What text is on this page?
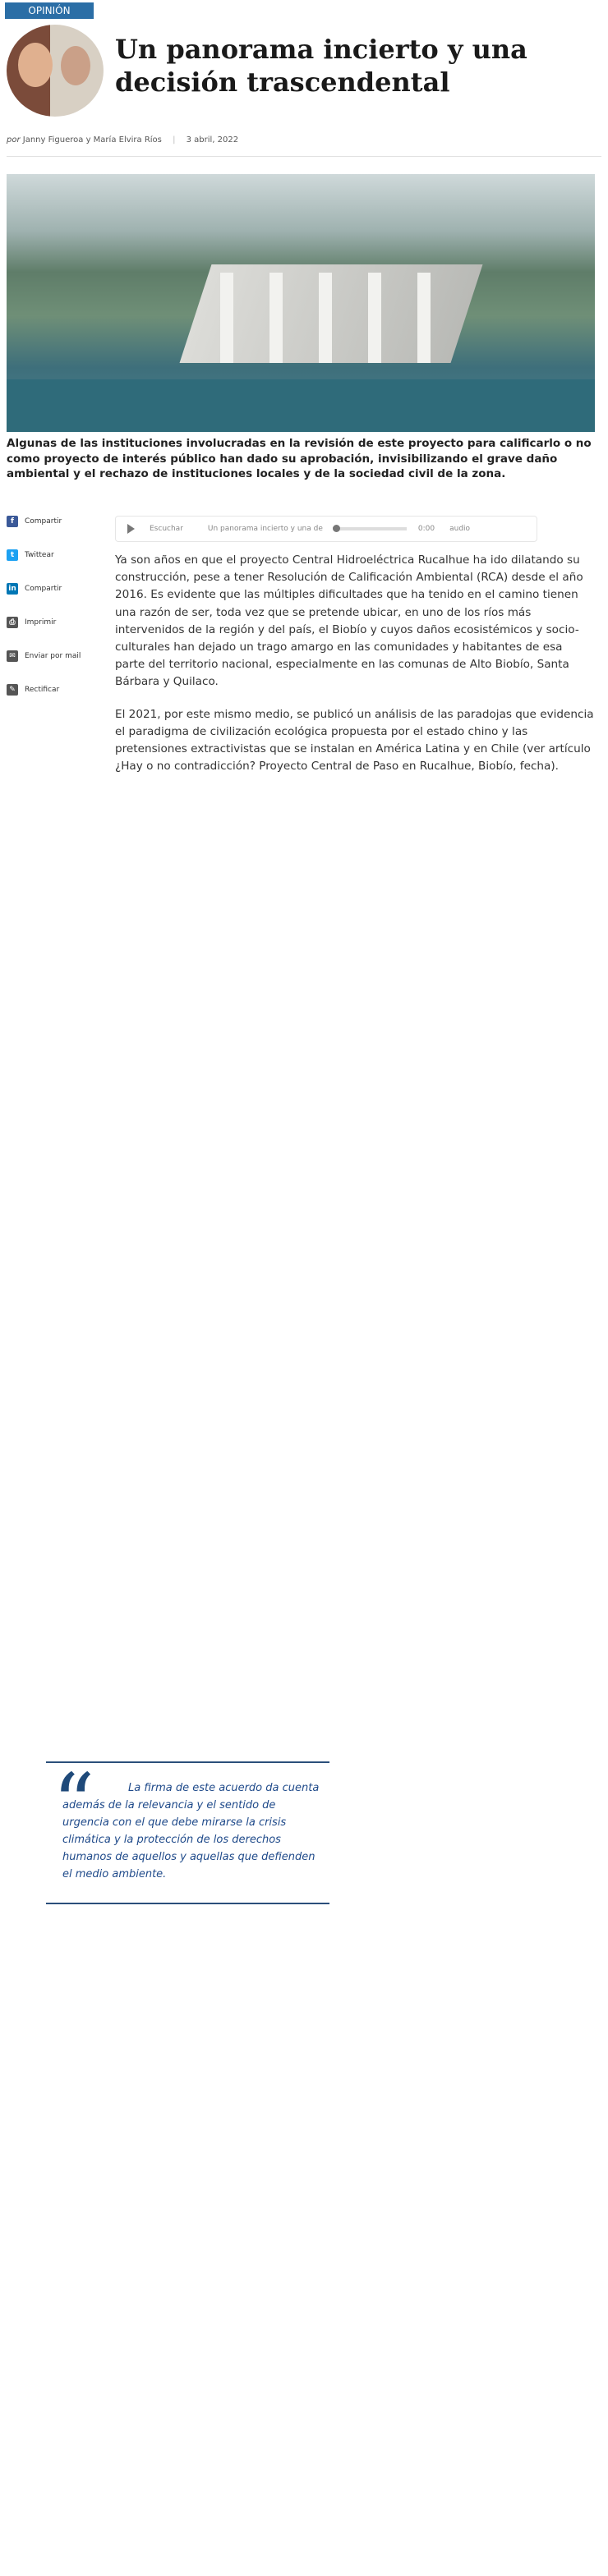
OPINIÓN
Un panorama incierto y una decisión trascendental
por Janny Figueroa y María Elvira Ríos | 3 abril, 2022

Algunas de las instituciones involucradas en la revisión de este proyecto para calificarlo o no como proyecto de interés público han dado su aprobación, invisibilizando el grave daño ambiental y el rechazo de instituciones locales y de la sociedad civil de la zona.

f	Compartir
t	Twittear
in Compartir
⎙	Imprimir
✉	Enviar por mail
✎	Rectificar
Escuchar	Un panorama incierto y una de	0:00 audio

Ya son años en que el proyecto Central Hidroeléctrica Rucalhue ha ido dilatando su construcción, pese a tener Resolución de Calificación Ambiental (RCA) desde el año 2016. Es evidente que las múltiples dificultades que ha tenido en el camino tienen una razón de ser, toda vez que se pretende ubicar, en uno de los ríos más intervenidos de la región y del país, el Biobío y cuyos daños ecosistémicos y socio-culturales han dejado un trago amargo en las comunidades y habitantes de esa parte del territorio nacional, especialmente en las comunas de Alto Biobío, Santa Bárbara y Quilaco.

El 2021, por este mismo medio, se publicó un análisis de las paradojas que evidencia el paradigma de civilización ecológica propuesta por el estado chino y las pretensiones extractivistas que se instalan en América Latina y en Chile (ver artículo ¿Hay o no contradicción? Proyecto Central de Paso en Rucalhue, Biobío, fecha).

“	La firma de este acuerdo da cuenta además de la relevancia y el sentido de urgencia con el que debe mirarse la crisis climática y la protección de los derechos humanos de aquellos y aquellas que defienden el medio ambiente.
